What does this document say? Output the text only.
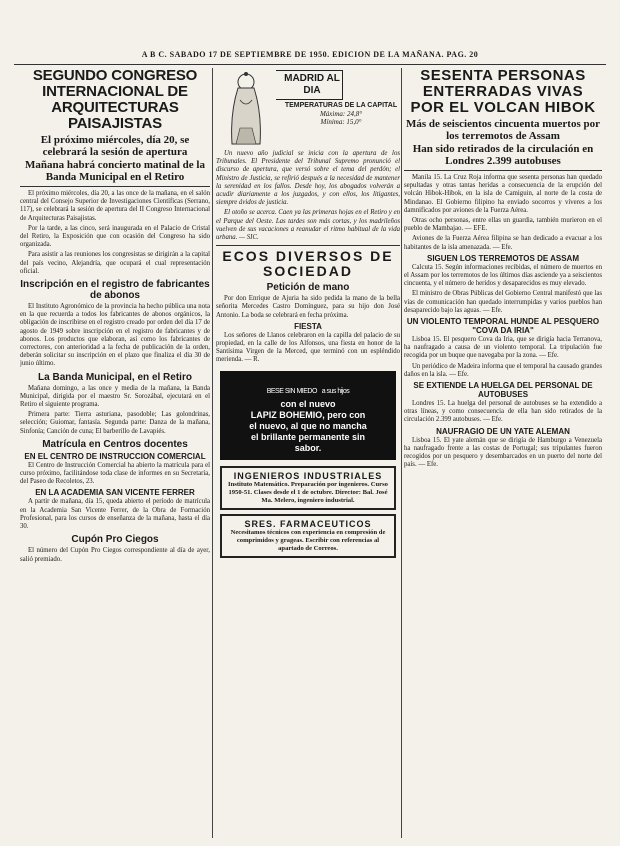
A B C. SABADO 17 DE SEPTIEMBRE DE 1950. EDICION DE LA MAÑANA. PAG. 20
SEGUNDO CONGRESO INTERNACIONAL DE ARQUITECTURAS PAISAJISTAS
El próximo miércoles, día 20, se celebrará la sesión de apertura
Mañana habrá concierto matinal de la Banda Municipal en el Retiro

El próximo miércoles, día 20, a las once de la mañana, en el salón central del Consejo Superior de Investigaciones Científicas (Serrano, 117), se celebrará la sesión de apertura del II Congreso Internacional de Arquitecturas Paisajistas.

Por la tarde, a las cinco, será inaugurada en el Palacio de Cristal del Retiro, la Exposición que con ocasión del Congreso ha sido organizada.

Para asistir a las reuniones los congresistas se dirigirán a la capital del país vecino, Alejandría, que ocupará el cual representación oficial.

Inscripción en el registro de fabricantes de abonos

El Instituto Agronómico de la provincia ha hecho pública una nota en la que recuerda a todos los fabricantes de abonos orgánicos, la obligación de inscribirse en el registro creado por orden del día 17 de agosto de 1949 sobre inscripción en el registro de fabricantes y de abonos. Los productos que elaboran, así como los fabricantes de correctores, con anterioridad a la fecha de publicación de la orden, deberán solicitar su inscripción en el plazo que finaliza el día 30 de junio último.

La Banda Municipal, en el Retiro

Mañana domingo, a las once y media de la mañana, la Banda Municipal, dirigida por el maestro Sr. Sorozábal, ejecutará en el Retiro el siguiente programa.

Primera parte: Tierra asturiana, pasodoble; Las golondrinas, selección; Guiomar, fantasía. Segunda parte: Danza de la mañana, Sinfonía; Canción de cuna; El barberillo de Lavapiés.

Matrícula en Centros docentes
EN EL CENTRO DE INSTRUCCION COMERCIAL

El Centro de Instrucción Comercial ha abierto la matrícula para el curso próximo, facilitándose toda clase de informes en su Secretaría, del Paseo de Recoletos, 23.

EN LA ACADEMIA SAN VICENTE FERRER

A partir de mañana, día 15, queda abierto el período de matrícula en la Academia San Vicente Ferrer, de la Obra de Formación Profesional, para los cursos de enseñanza de la mañana, hasta el día 30.

Cupón Pro Ciegos

El número del Cupón Pro Ciegos correspondiente al día de ayer, salió premiado.

MADRID AL DIA
TEMPERATURAS DE LA CAPITAL
Máxima: 24,8°
Mínima: 15,0°

Un nuevo año judicial se inicia con la apertura de los Tribunales. El Presidente del Tribunal Supremo pronunció el discurso de apertura, que versó sobre el tema del perdón; el Ministro de Justicia, se refirió después a la necesidad de mantener la serenidad en los fallos. Desde hoy, los abogados volverán a acudir diariamente a los juzgados, y con ellos, los litigantes, siempre ávidos de justicia.

El otoño se acerca. Caen ya las primeras hojas en el Retiro y en el Parque del Oeste. Las tardes son más cortas, y los madrileños vuelven de sus vacaciones a reanudar el ritmo habitual de la vida urbana. — SIC.

ECOS DIVERSOS DE SOCIEDAD
Petición de mano

Por don Enrique de Ajuria ha sido pedida la mano de la bella señorita Mercedes Castro Domínguez, para su hijo don José Antonio. La boda se celebrará en fecha próxima.

FIESTA

Los señores de Llanos celebraron en la capilla del palacio de su propiedad, en la calle de los Alfonsos, una fiesta en honor de la Santísima Virgen de la Merced, que terminó con un espléndido merienda. — R.

BESE SIN MIEDO a sus hijos
con el nuevo
LAPIZ BOHEMIO, pero con
el nuevo, al que no mancha
el brillante permanente sin
sabor.
INGENIEROS INDUSTRIALES
Instituto Matemático. Preparación por ingenieros. Curso 1950-51. Clases desde el 1 de octubre. Director: Bal. José Ma. Melero, ingeniero industrial.
SRES. FARMACEUTICOS
Necesitamos técnicos con experiencia en compresión de comprimidos y grageas. Escribir con referencias al apartado de Correos.
SESENTA PERSONAS ENTERRADAS VIVAS POR EL VOLCAN HIBOK
Más de seiscientos cincuenta muertos por los terremotos de Assam
Han sido retirados de la circulación en Londres 2.399 autobuses

Manila 15. La Cruz Roja informa que sesenta personas han quedado sepultadas y otras tantas heridas a consecuencia de la erupción del volcán Hibok-Hibok, en la isla de Camiguin, al norte de la costa de Mindanao. El Gobierno filipino ha enviado socorros y víveres a los damnificados por aviones de la Fuerza Aérea.

Otras ocho personas, entre ellas un guardia, también murieron en el pueblo de Mambajao. — EFE.

Aviones de la Fuerza Aérea filipina se han dedicado a evacuar a los habitantes de la isla amenazada. — Efe.

SIGUEN LOS TERREMOTOS DE ASSAM

Calcuta 15. Según informaciones recibidas, el número de muertos en el Assam por los terremotos de los últimos días asciende ya a seiscientos cincuenta, y el número de heridos y desaparecidos es muy elevado.

El ministro de Obras Públicas del Gobierno Central manifestó que las vías de comunicación han quedado interrumpidas y varios pueblos han desaparecido bajo las aguas. — Efe.

UN VIOLENTO TEMPORAL HUNDE AL PESQUERO "COVA DA IRIA"

Lisboa 15. El pesquero Cova da Iria, que se dirigía hacia Terranova, ha naufragado a causa de un violento temporal. La tripulación fue recogida por un buque que navegaba por la zona. — Efe.

Un periódico de Madeira informa que el temporal ha causado grandes daños en la isla. — Efe.

SE EXTIENDE LA HUELGA DEL PERSONAL DE AUTOBUSES

Londres 15. La huelga del personal de autobuses se ha extendido a otras líneas, y como consecuencia de ella han sido retirados de la circulación 2.399 autobuses. — Efe.

NAUFRAGIO DE UN YATE ALEMAN

Lisboa 15. El yate alemán que se dirigía de Hamburgo a Venezuela ha naufragado frente a las costas de Portugal; sus tripulantes fueron recogidos por un pesquero y desembarcados en un puerto del norte del país. — Efe.
